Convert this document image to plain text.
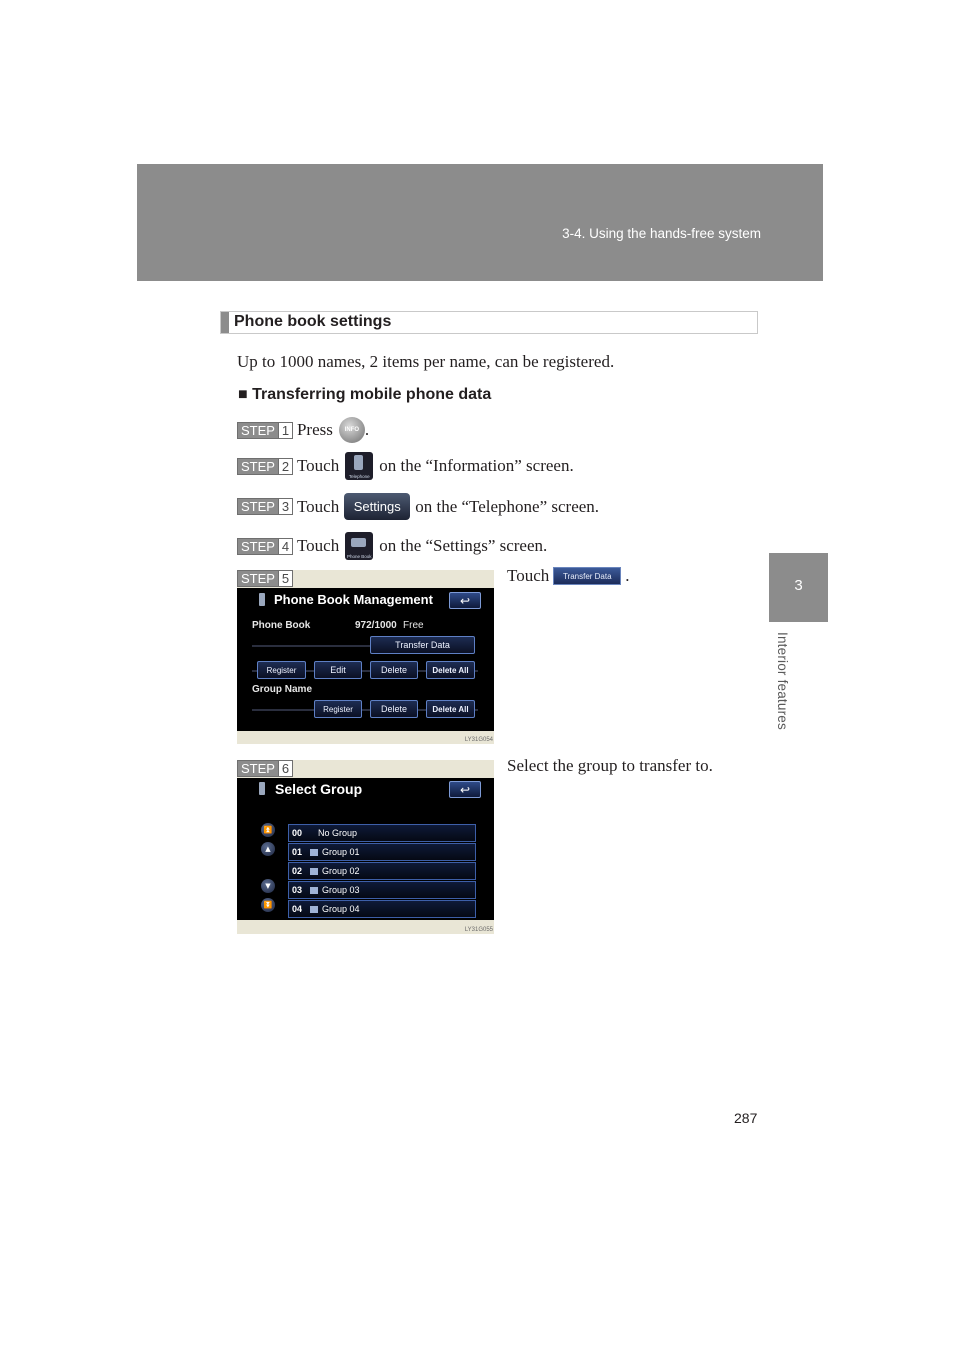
3-4. Using the hands-free system
3
Interior features
Phone book settings
Up to 1000 names, 2 items per name, can be registered.
■ Transferring mobile phone data
STEP 1 Press	INFO .
STEP 2 Touch
Telephone
on the “Information” screen.
STEP 3 Touch	Settings on the “Telephone” screen.
STEP 4 Touch
Phone Book
on the “Settings” screen.
STEP 5
Phone Book Management	↩
Phone Book	972/1000 Free
Transfer Data
Register	Edit	Delete	Delete All
Group Name
Register	Delete	Delete All
LY31G054
Touch	Transfer Data .
STEP 6
Select Group	↩
⏫
▲
▼
⏬
00	No Group
01	Group 01
02	Group 02
03	Group 03
04	Group 04
LY31G055
Select the group to transfer to.
287
